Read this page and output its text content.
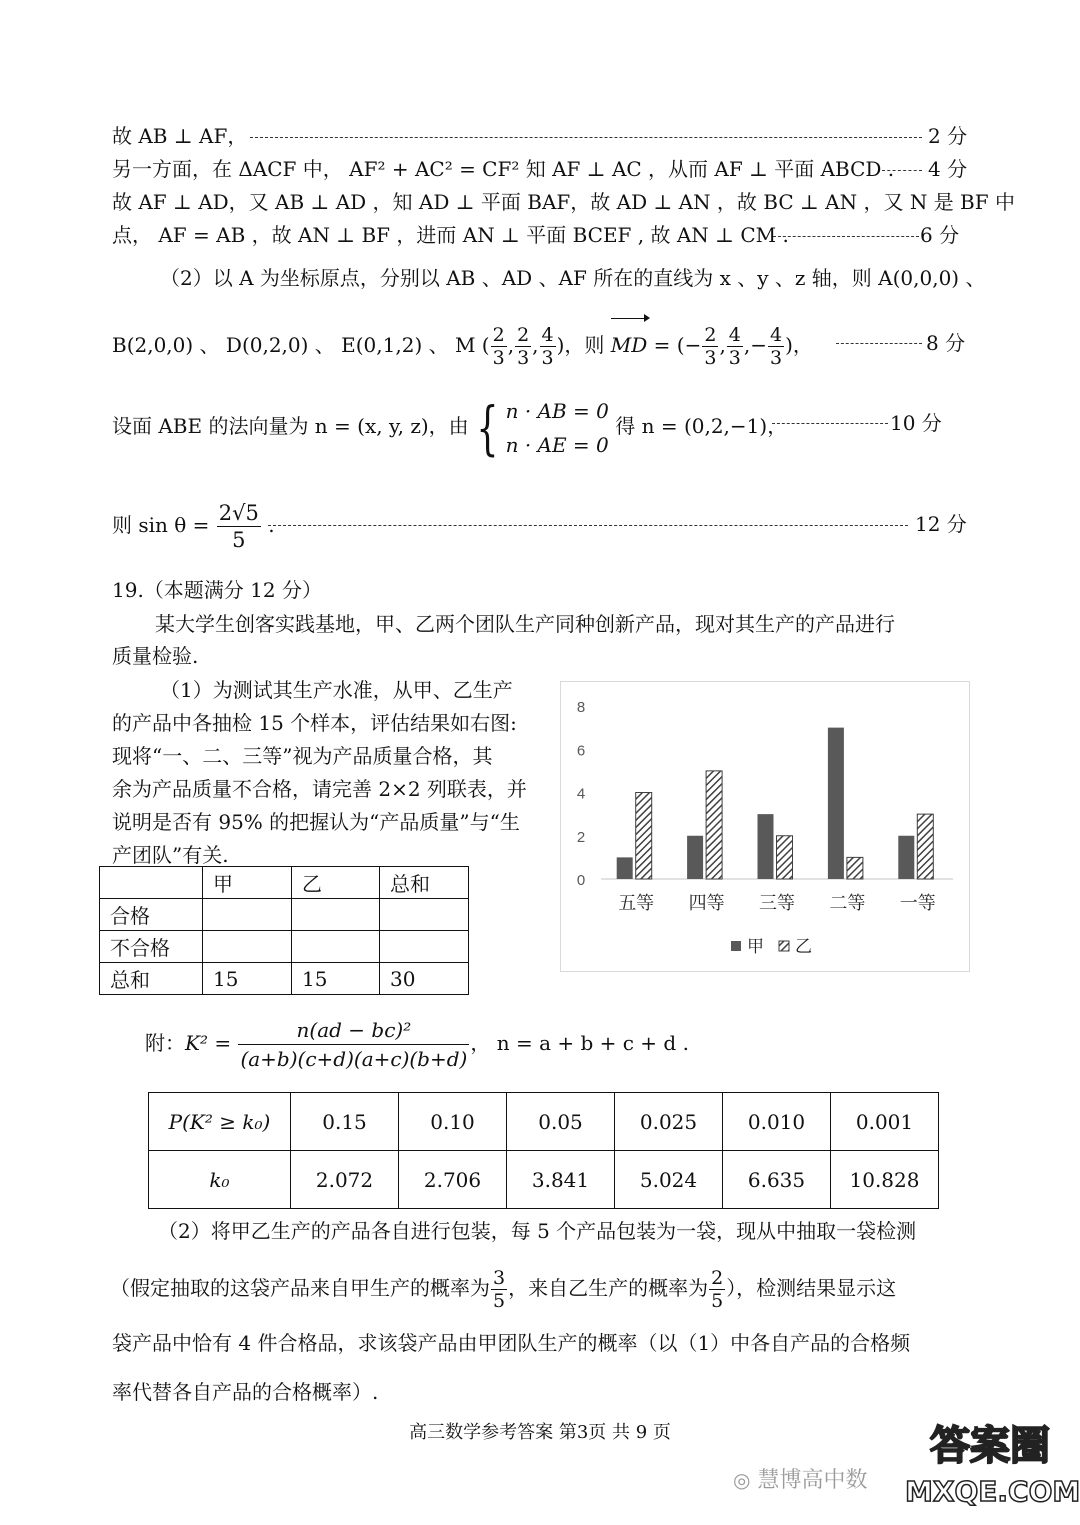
故 AB ⊥ AF，	2 分
另一方面，在 ΔACF 中， AF² + AC² = CF² 知 AF ⊥ AC ，从而 AF ⊥ 平面 ABCD . 4 分
故 AF ⊥ AD，又 AB ⊥ AD ，知 AD ⊥ 平面 BAF，故 AD ⊥ AN ，故 BC ⊥ AN ，又 N 是 BF 中
点， AF = AB ，故 AN ⊥ BF ，进而 AN ⊥ 平面 BCEF , 故 AN ⊥ CM .	6 分
（2）以 A 为坐标原点，分别以 AB 、AD 、AF 所在的直线为 x 、y 、z 轴，则 A(0,0,0) 、
B(2,0,0) 、 D(0,2,0) 、 E(0,1,2) 、 M ( $\frac{2}{3}$ , $\frac{2}{3}$ , $\frac{4}{3}$ )，则 MD = (− $\frac{2}{3}$ , $\frac{4}{3}$ ,− $\frac{4}{3}$ )，	8 分
设面 ABE 的法向量为 n = (x, y, z)，由 { n · AB = 0
n · AE = 0
得 n = (0,2,−1)，	10 分
则 $\sin \theta = \frac{2√5}{5}$ .	12 分
19.（本题满分 12 分）
某大学生创客实践基地，甲、乙两个团队生产同种创新产品，现对其生产的产品进行
质量检验.
（1）为测试其生产水准，从甲、乙生产
的产品中各抽检 15 个样本，评估结果如右图:
现将“一、二、三等”视为产品质量合格，其
余为产品质量不合格，请完善 2×2 列联表，并
说明是否有 95% 的把握认为“产品质量”与“生
产团队”有关.
	甲	乙	总和
合格			
不合格			
总和	15	15	30
0
2
4
6
8
五等 四等 三等 二等 一等
甲 乙
附：$K^2 = \frac{\text{n(ad − bc)²}}{(a+b)(c+d)(a+c)(b+d)}$ ， n = a + b + c + d .
P(K² ≥ k₀)	0.15	0.10	0.05	0.025	0.010	0.001
k₀	2.072	2.706	3.841	5.024	6.635	10.828
（2）将甲乙生产的产品各自进行包装，每 5 个产品包装为一袋，现从中抽取一袋检测
（假定抽取的这袋产品来自甲生产的概率为 $\frac{3}{5}$ ，来自乙生产的概率为 $\frac{2}{5}$ ），检测结果显示这
袋产品中恰有 4 件合格品，求该袋产品由甲团队生产的概率（以（1）中各自产品的合格频
率代替各自产品的合格概率）.
高三数学参考答案 第3页 共 9 页
◎ 慧博高中数
答案圈
MXQE.COM
